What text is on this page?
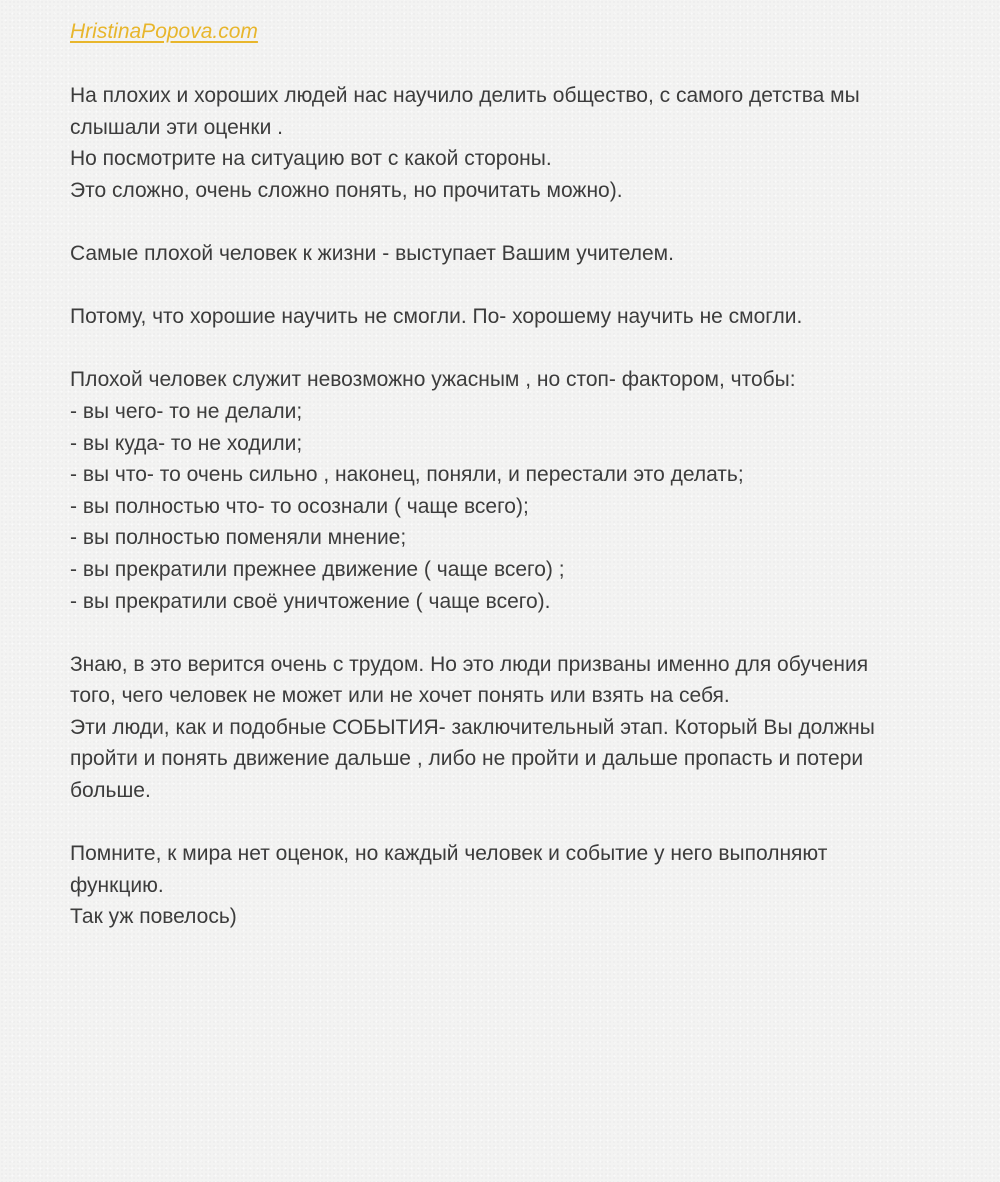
HristinaPopova.com
На плохих и хороших людей нас научило делить общество, с самого детства мы
слышали эти оценки .
Но посмотрите на ситуацию вот с какой стороны.
Это сложно, очень сложно понять, но прочитать можно).
Самые плохой человек к жизни - выступает Вашим учителем.
Потому, что хорошие научить не смогли. По- хорошему научить не смогли.
Плохой человек служит невозможно ужасным , но стоп- фактором, чтобы:
- вы чего- то не делали;
- вы куда- то не ходили;
- вы что- то очень сильно , наконец, поняли, и перестали это делать;
- вы полностью что- то осознали ( чаще всего);
- вы полностью поменяли мнение;
- вы прекратили прежнее движение ( чаще всего) ;
- вы прекратили своё уничтожение ( чаще всего).
Знаю, в это верится очень с трудом. Но это люди призваны именно для обучения
того, чего человек не может или не хочет понять или взять на себя.
Эти люди, как и подобные СОБЫТИЯ- заключительный этап. Который Вы должны
пройти и понять движение дальше , либо не пройти и дальше пропасть и потери
больше.
Помните, к мира нет оценок, но каждый человек и событие у него выполняют
функцию.
Так уж повелось)
